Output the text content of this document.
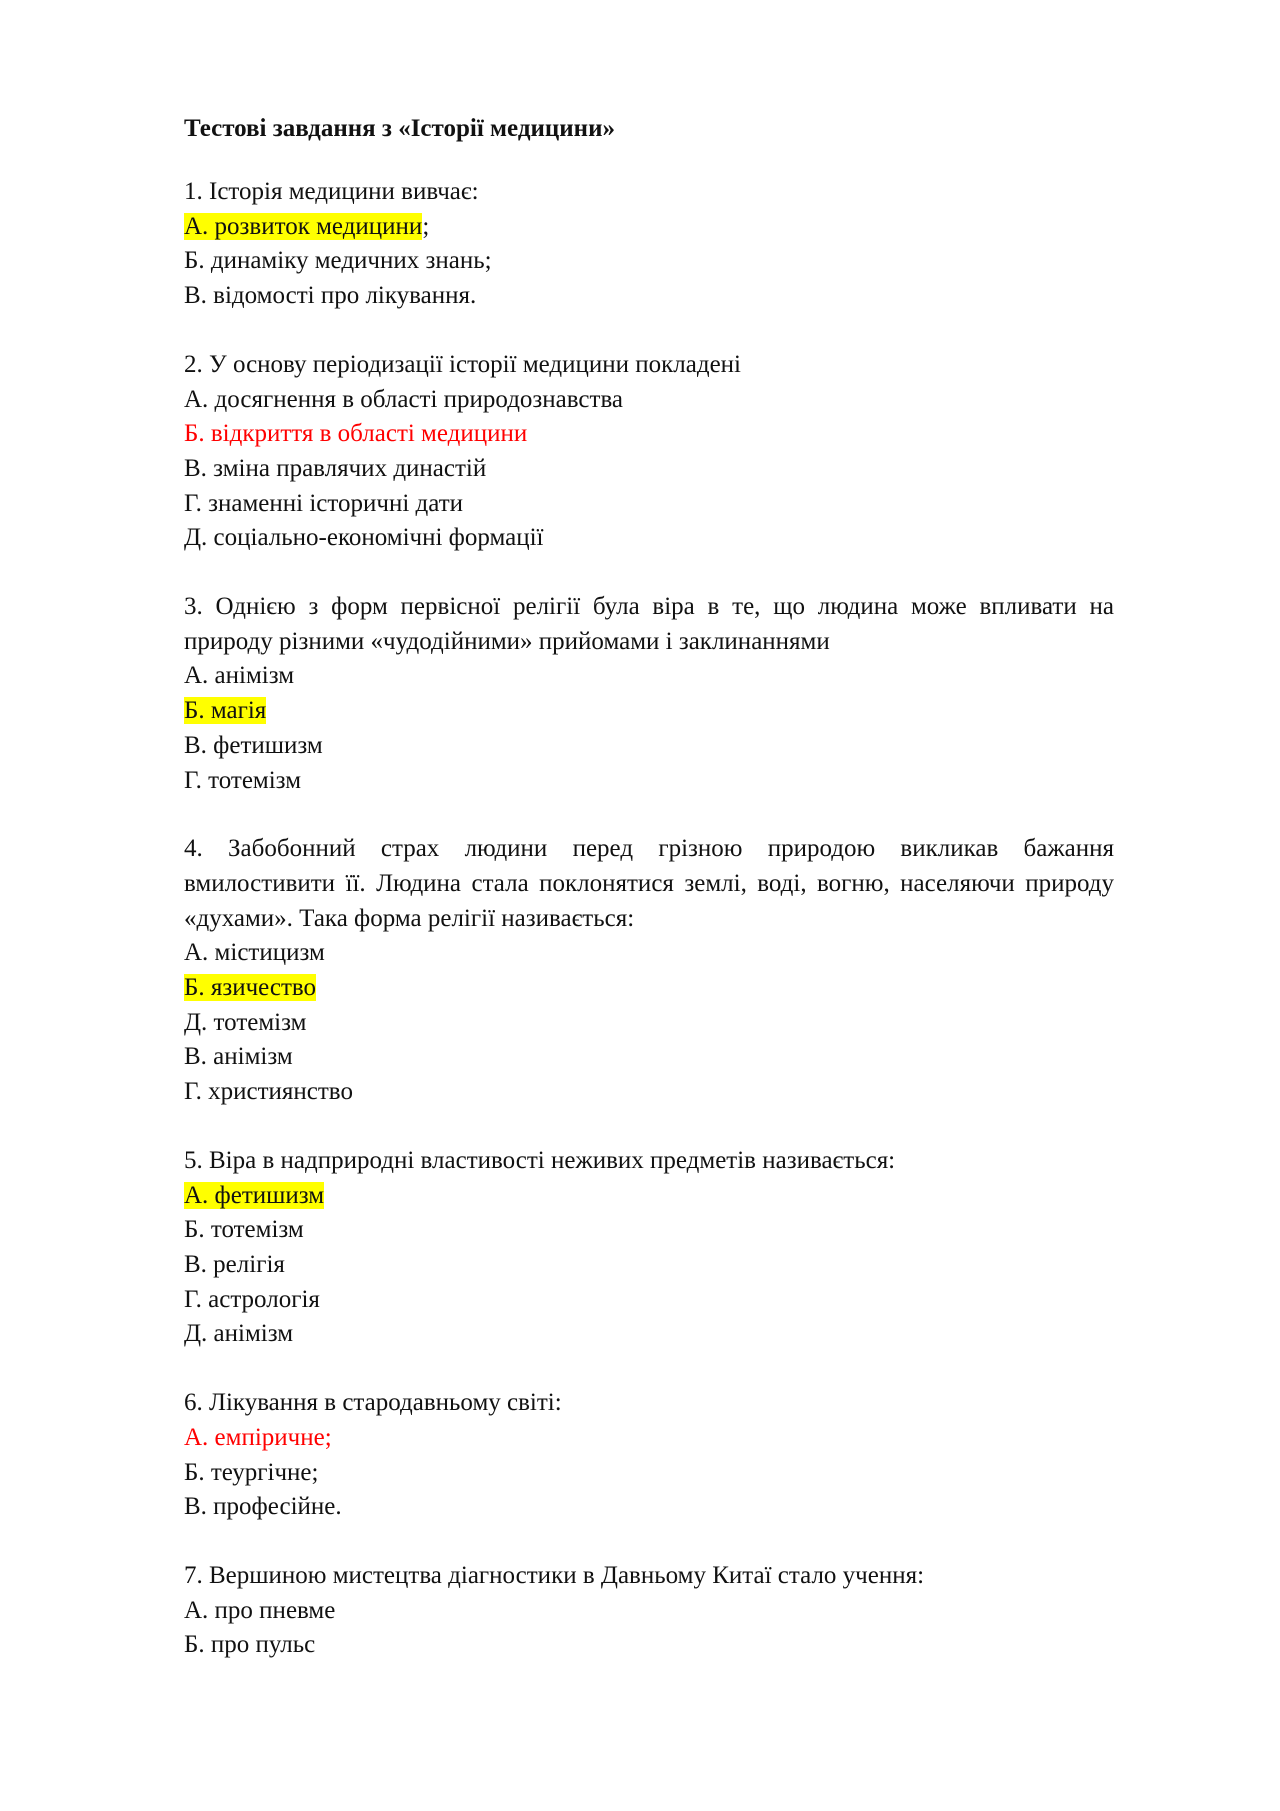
Тестові завдання з «Історії медицини»

1. Історія медицини вивчає:

А. розвиток медицини;

Б. динаміку медичних знань;

В. відомості про лікування.

2. У основу періодизації історії медицини покладені

А. досягнення в області природознавства

Б. відкриття в області медицини

В. зміна правлячих династій

Г. знаменні історичні дати

Д. соціально-економічні формації

3. Однією з форм первісної релігії була віра в те, що людина може впливати на природу різними «чудодійними» прийомами і заклинаннями

А. анімізм

Б. магія

В. фетишизм

Г. тотемізм

4. Забобонний страх людини перед грізною природою викликав бажання вмилостивити її. Людина стала поклонятися землі, воді, вогню, населяючи природу «духами». Така форма релігії називається:

А. містицизм

Б. язичество

Д. тотемізм

В. анімізм

Г. християнство

5. Віра в надприродні властивості неживих предметів називається:

А. фетишизм

Б. тотемізм

В. релігія

Г. астрологія

Д. анімізм

6. Лікування в стародавньому світі:

А. емпіричне;

Б. теургічне;

В. професійне.

7. Вершиною мистецтва діагностики в Давньому Китаї стало учення:

А. про пневме

Б. про пульс
